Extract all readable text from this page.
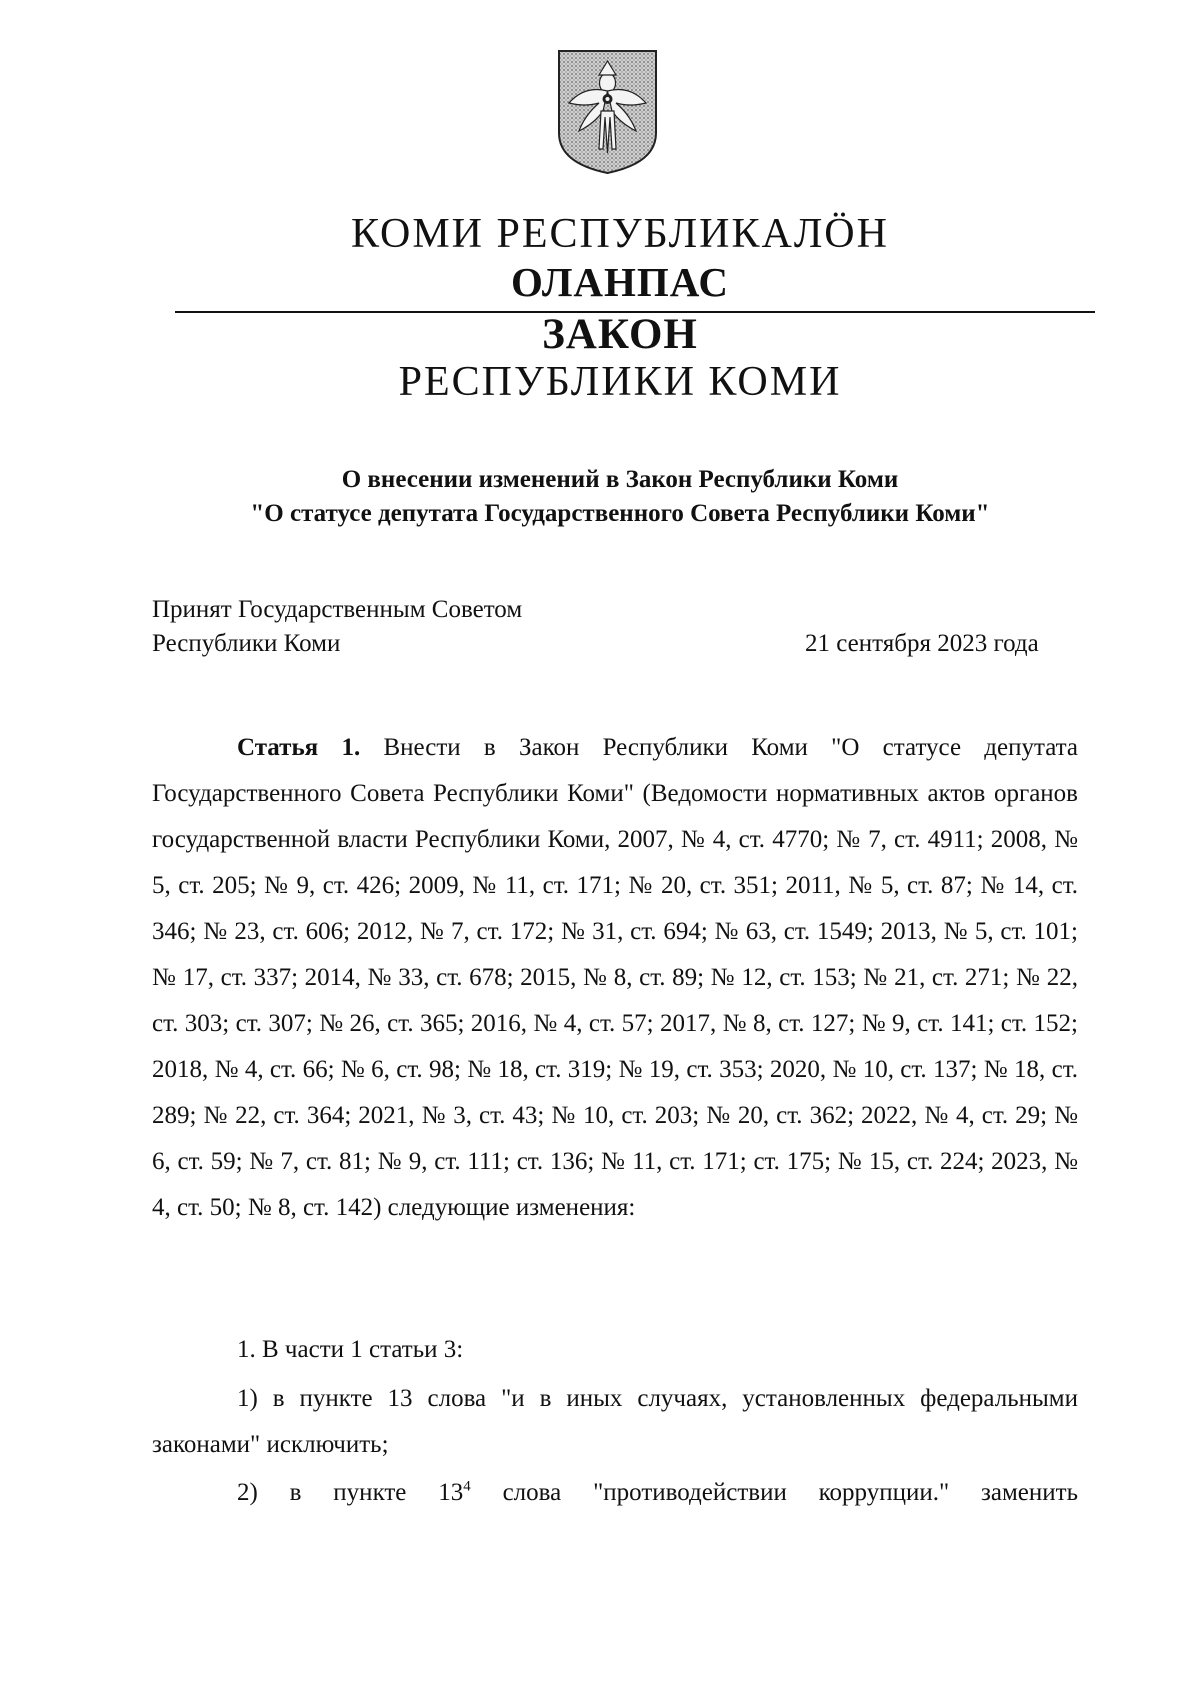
КОМИ РЕСПУБЛИКАЛÖН
ОЛАНПАС
ЗАКОН
РЕСПУБЛИКИ КОМИ
О внесении изменений в Закон Республики Коми
"О статусе депутата Государственного Совета Республики Коми"
Принят Государственным Советом
Республики Коми	21 сентября 2023 года
Статья 1. Внести в Закон Республики Коми "О статусе депутата Государственного Совета Республики Коми" (Ведомости нормативных актов органов государственной власти Республики Коми, 2007, № 4, ст. 4770; № 7, ст. 4911; 2008, № 5, ст. 205; № 9, ст. 426; 2009, № 11, ст. 171; № 20, ст. 351; 2011, № 5, ст. 87; № 14, ст. 346; № 23, ст. 606; 2012, № 7, ст. 172; № 31, ст. 694; № 63, ст. 1549; 2013, № 5, ст. 101; № 17, ст. 337; 2014, № 33, ст. 678; 2015, № 8, ст. 89; № 12, ст. 153; № 21, ст. 271; № 22, ст. 303; ст. 307; № 26, ст. 365; 2016, № 4, ст. 57; 2017, № 8, ст. 127; № 9, ст. 141; ст. 152; 2018, № 4, ст. 66; № 6, ст. 98; № 18, ст. 319; № 19, ст. 353; 2020, № 10, ст. 137; № 18, ст. 289; № 22, ст. 364; 2021, № 3, ст. 43; № 10, ст. 203; № 20, ст. 362; 2022, № 4, ст. 29; № 6, ст. 59; № 7, ст. 81; № 9, ст. 111; ст. 136; № 11, ст. 171; ст. 175; № 15, ст. 224; 2023, № 4, ст. 50; № 8, ст. 142) следующие изменения:
1. В части 1 статьи 3:
1) в пункте 13 слова "и в иных случаях, установленных федеральными законами" исключить;
2) в пункте $13^4$ слова "противодействии коррупции." заменить
